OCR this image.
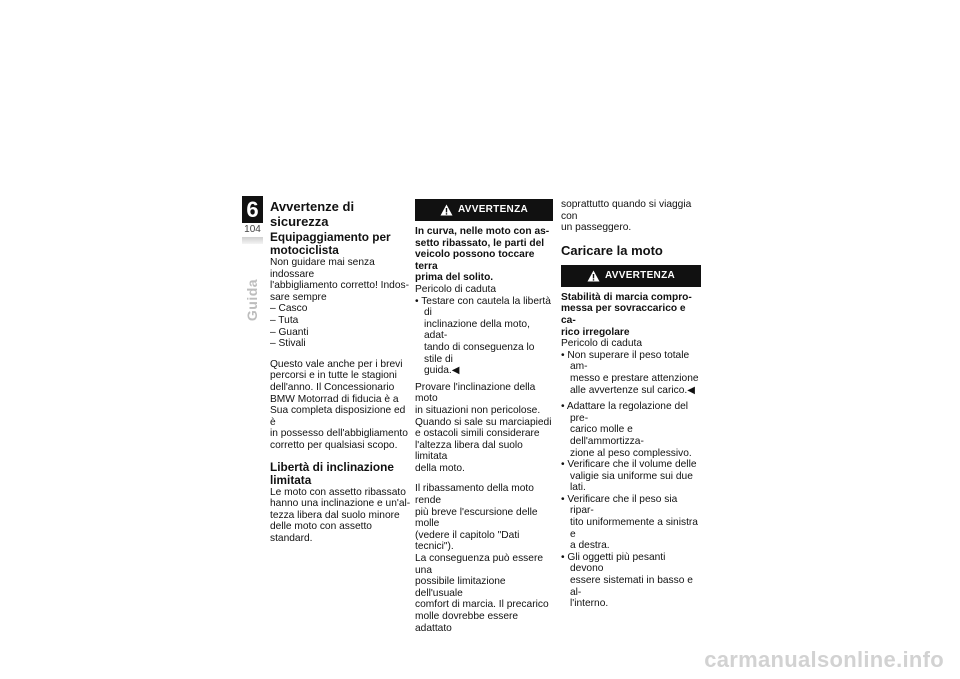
6
104
Guida
Avvertenze di sicurezza
Equipaggiamento per
motociclista

Non guidare mai senza indossare
l'abbigliamento corretto! Indos-
sare sempre

– Casco
– Tuta
– Guanti
– Stivali

Questo vale anche per i brevi
percorsi e in tutte le stagioni
dell'anno. Il Concessionario
BMW Motorrad di fiducia è a
Sua completa disposizione ed è
in possesso dell'abbigliamento
corretto per qualsiasi scopo.

Libertà di inclinazione
limitata

Le moto con assetto ribassato
hanno una inclinazione e un'al-
tezza libera dal suolo minore
delle moto con assetto standard.

AVVERTENZA
In curva, nelle moto con as-
setto ribassato, le parti del
veicolo possono toccare terra
prima del solito.

Pericolo di caduta

• Testare con cautela la libertà di
inclinazione della moto, adat-
tando di conseguenza lo stile di
guida.◀

Provare l'inclinazione della moto
in situazioni non pericolose.
Quando si sale su marciapiedi
e ostacoli simili considerare
l'altezza libera dal suolo limitata
della moto.

Il ribassamento della moto rende
più breve l'escursione delle molle
(vedere il capitolo "Dati tecnici").
La conseguenza può essere una
possibile limitazione dell'usuale
comfort di marcia. Il precarico
molle dovrebbe essere adattato

soprattutto quando si viaggia con
un passeggero.

Caricare la moto
AVVERTENZA
Stabilità di marcia compro-
messa per sovraccarico e ca-
rico irregolare

Pericolo di caduta

• Non superare il peso totale am-
messo e prestare attenzione
alle avvertenze sul carico.◀
• Adattare la regolazione del pre-
carico molle e dell'ammortizza-
zione al peso complessivo.
• Verificare che il volume delle
valigie sia uniforme sui due lati.
• Verificare che il peso sia ripar-
tito uniformemente a sinistra e
a destra.
• Gli oggetti più pesanti devono
essere sistemati in basso e al-
l'interno.
carmanualsonline.info
